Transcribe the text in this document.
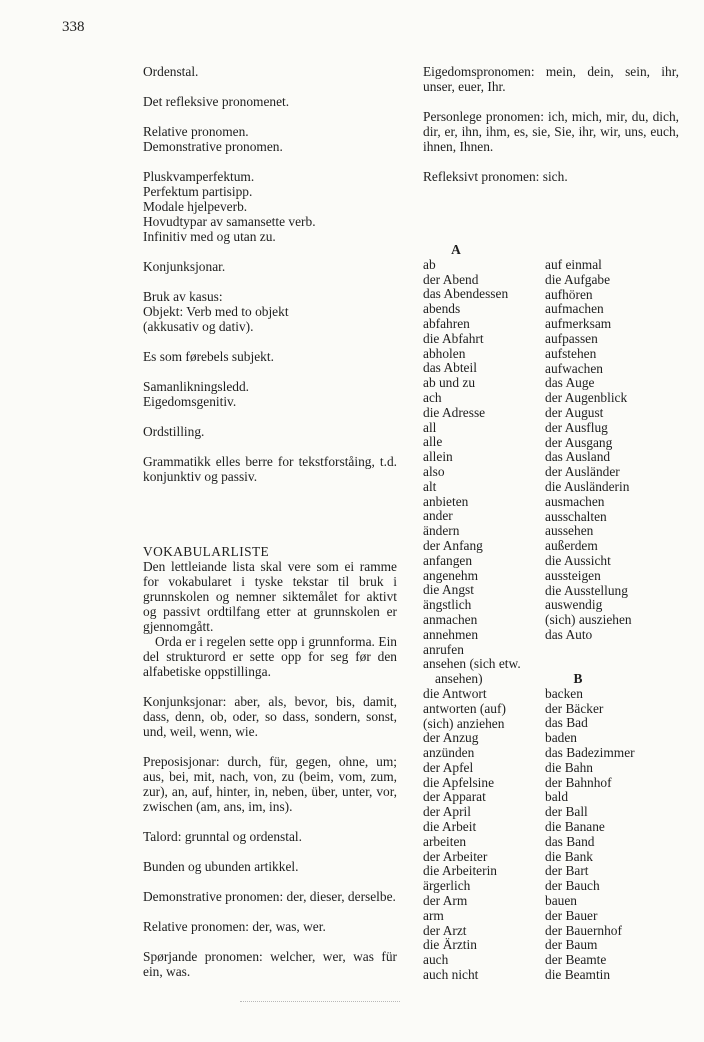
338

Ordenstal.

Det refleksive pronomenet.

Relative pronomen.

Demonstrative pronomen.

Pluskvamperfektum.

Perfektum partisipp.

Modale hjelpeverb.

Hovudtypar av samansette verb.

Infinitiv med og utan zu.

Konjunksjonar.

Bruk av kasus:

Objekt: Verb med to objekt

(akkusativ og dativ).

Es som førebels subjekt.

Samanlikningsledd.

Eigedomsgenitiv.

Ordstilling.

Grammatikk elles berre for tekstforståing, t.d. konjunktiv og passiv.

VOKABULARLISTE

Den lettleiande lista skal vere som ei ramme for vokabularet i tyske tekstar til bruk i grunnskolen og nemner siktemålet for aktivt og passivt ordtilfang etter at grunnskolen er gjennomgått.

Orda er i regelen sette opp i grunnforma. Ein del strukturord er sette opp for seg før den alfabetiske oppstillinga.

Konjunksjonar: aber, als, bevor, bis, damit, dass, denn, ob, oder, so dass, sondern, sonst, und, weil, wenn, wie.

Preposisjonar: durch, für, gegen, ohne, um; aus, bei, mit, nach, von, zu (beim, vom, zum, zur), an, auf, hinter, in, neben, über, unter, vor, zwischen (am, ans, im, ins).

Talord: grunntal og ordenstal.

Bunden og ubunden artikkel.

Demonstrative pronomen: der, dieser, derselbe.

Relative pronomen: der, was, wer.

Spørjande pronomen: welcher, wer, was für ein, was.

Eigedomspronomen: mein, dein, sein, ihr, unser, euer, Ihr.

Personlege pronomen: ich, mich, mir, du, dich, dir, er, ihn, ihm, es, sie, Sie, ihr, wir, uns, euch, ihnen, Ihnen.

Refleksivt pronomen: sich.

A
ab
der Abend
das Abendessen
abends
abfahren
die Abfahrt
abholen
das Abteil
ab und zu
ach
die Adresse
all
alle
allein
also
alt
anbieten
ander
ändern
der Anfang
anfangen
angenehm
die Angst
ängstlich
anmachen
annehmen
anrufen
ansehen (sich etw.
ansehen)
die Antwort
antworten (auf)
(sich) anziehen
der Anzug
anzünden
der Apfel
die Apfelsine
der Apparat
der April
die Arbeit
arbeiten
der Arbeiter
die Arbeiterin
ärgerlich
der Arm
arm
der Arzt
die Ärztin
auch
auch nicht
auf einmal
die Aufgabe
aufhören
aufmachen
aufmerksam
aufpassen
aufstehen
aufwachen
das Auge
der Augenblick
der August
der Ausflug
der Ausgang
das Ausland
der Ausländer
die Ausländerin
ausmachen
ausschalten
aussehen
außerdem
die Aussicht
aussteigen
die Ausstellung
auswendig
(sich) ausziehen
das Auto
B
backen
der Bäcker
das Bad
baden
das Badezimmer
die Bahn
der Bahnhof
bald
der Ball
die Banane
das Band
die Bank
der Bart
der Bauch
bauen
der Bauer
der Bauernhof
der Baum
der Beamte
die Beamtin
